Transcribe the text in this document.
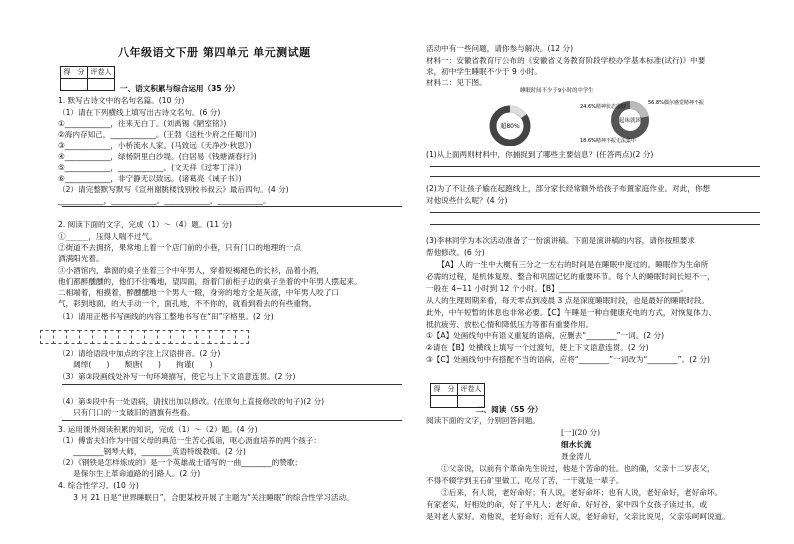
八年级语文下册 第四单元 单元测试题
得　分	评卷人

一、语文积累与综合运用（35 分）
1. 默写古诗文中的名句名篇。(10 分)
（1）请在下列横线上填写出古诗文名句。(6 分)
①____________，往来无白丁。(刘禹锡《陋室铭》)
②海内存知己，____________。(王勃《送杜少府之任蜀川》)
③____________，小桥流水人家。(马致远《天净沙·秋思》)
④____________，绿杨阴里白沙堤。(白居易《钱塘湖春行》)
⑤____________，____________。(文天祥《过零丁洋》)
⑥____________，非宁静无以致远。(诸葛亮《诫子书》)
（2）请完整默写默写《宣州谢朓楼饯别校书叔云》最后四句。(4 分)
____________，____________。____________，____________。
2. 阅读下面的文字，完成（1）～（4）题。(11 分)
①______，压得人喘不过气。
②街道不去拥挤，果常地上着一个店门前的小巷，只有门口的地理的一点
洒满阳光着。
③小酒馆内，靠窗的桌子坐着三个中年男人，穿着短褐褪色的长衫，品着小酒，
他们都醉醺醺的，他们不住嘴地，望四面，指着门前柜子边的桌子坐着的中年男人摆起来。
二相端着，相摸着，醉醺醺地一个男人一瞪，身旁的地方全是灰渣，中年男人咬了口
气，彩到地面，的大手动一个，面孔地，不不你的，就看到看去的有些重物。
（1）请用正楷书写画线的内容工整地书写在“田”字格里。(2 分)
（2）请给语段中加点的字注上汉语拼音。(2 分)
　　阔绰(　　)　　颓唐(　　)　　拘谨(　　)
（3）第③段画线处补写一句环境描写，使它与上下文语意连贯。(2 分)
（4）第⑤段中有一处语病，请找出加以修改。(在原句上直接修改的句子)(2 分)
　　只有门口的一支破旧的酒旗有些看。
3. 运用课外阅读积累的知识，完成（1）～（2）题。(4 分)
（1）傅雷夫妇作为中国父母的典范一生苦心孤诣，呕心沥血培养的两个孩子：
　　________钢琴大师，________英语特级教师。(2 分)
（2）《钢铁是怎样炼成的》是一个英雄战士谱写的一曲________的赞歌；
　　是保尔生上革命道路的引路人。(2 分)
4. 综合性学习。(10 分)
　　3 月 21 日是“世界睡眠日”，合肥某校开展了主题为“关注睡眠”的综合性学习活动。
活动中有一些问题，请你参与解决。(12 分)
材料一：安徽省教育厅公布的《安徽省义务教育阶段学校办学基本标准(试行)》中要
求，初中学生睡眠不少于 9 小时。
材料二：见下图。
(1)从上面两则材料中，你捕捉到了哪些主要信息？(任答两点)(2 分)
(2)为了不让孩子输在起跑线上，部分家长经常额外给孩子布置家庭作业。对此，你想
对他说些什么呢？(4 分)
(3)李林同学为本次活动准备了一份演讲稿。下面是演讲稿的内容，请你按照要求
帮他修改。(6 分)
　　【A】人的一生中大概有三分之一左右的时间是在睡眠中度过的。睡眠作为生命所
必需的过程，是机体复原、整合和巩固记忆的重要环节。每个人的睡眠时间长短不一，
一般在 4~11 小时到 12 个小时。【B】________________________________。
从人的生理周期来看，每天零点到凌晨 3 点是深度睡眠时段，也是最好的睡眠时段。
此外，中午短暂的休息也非常必要。【C】午睡是一种自健康充电的方式，对恢复体力、
抵抗疲劳、放松心情和降低压力等都有重要作用。
①【A】处画线句中有语义重复的语病，应删去“________”一词。(2 分)
②请在【B】处横线上填写一个过渡句，使上下文语意连贯。(2 分)
③【C】处画线句中有搭配不当的语病，应将“________”一词改为“________”。(2 分)
二、阅读（55 分）
阅读下面的文字，分别回答问题。
[一](20 分)
细水长流
聂金涛儿
　　①父亲说，以前有个革命先生说过，他是个苦命的壮。也的确，父亲十二岁丧父，
不得不辍学到玉石矿里做工，吃尽了苦，一干就是一辈子。
　　②后来，有人说，老好命好；有人说，老好命坏；也有人说，老好命好，老好命坏。
有家老实，好相处的命，好了平凡人；老好命、好好谷，家中四个女孩子读过书，或
是对老人家好。劝他说，老好命好；近有人说，老好命好，父亲比说见，父亲乐呵呵说道。
得　分	评卷人

超80%
睡眠时间不少于9小时的中学生
起床就困
24.6%精神状态很好
56.8%偶尔感觉精神不振
18.6%精神不振无法集中
